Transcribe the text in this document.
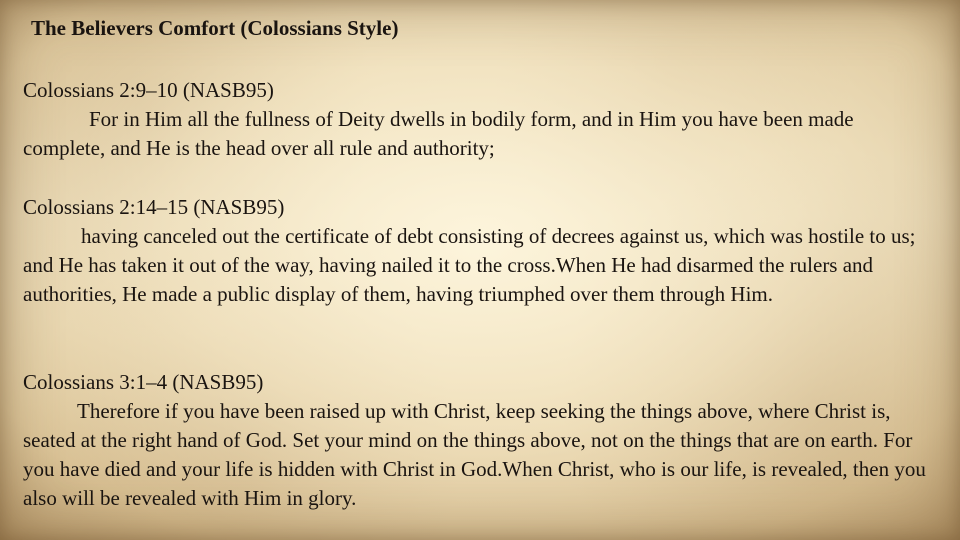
The Believers Comfort (Colossians Style)
Colossians 2:9–10 (NASB95)
For in Him all the fullness of Deity dwells in bodily form, and in Him you have been made complete, and He is the head over all rule and authority;
Colossians 2:14–15 (NASB95)
having canceled out the certificate of debt consisting of decrees against us, which was hostile to us; and He has taken it out of the way, having nailed it to the cross.When He had disarmed the rulers and authorities, He made a public display of them, having triumphed over them through Him.
Colossians 3:1–4 (NASB95)
Therefore if you have been raised up with Christ, keep seeking the things above, where Christ is, seated at the right hand of God. Set your mind on the things above, not on the things that are on earth. For you have died and your life is hidden with Christ in God.When Christ, who is our life, is revealed, then you also will be revealed with Him in glory.
